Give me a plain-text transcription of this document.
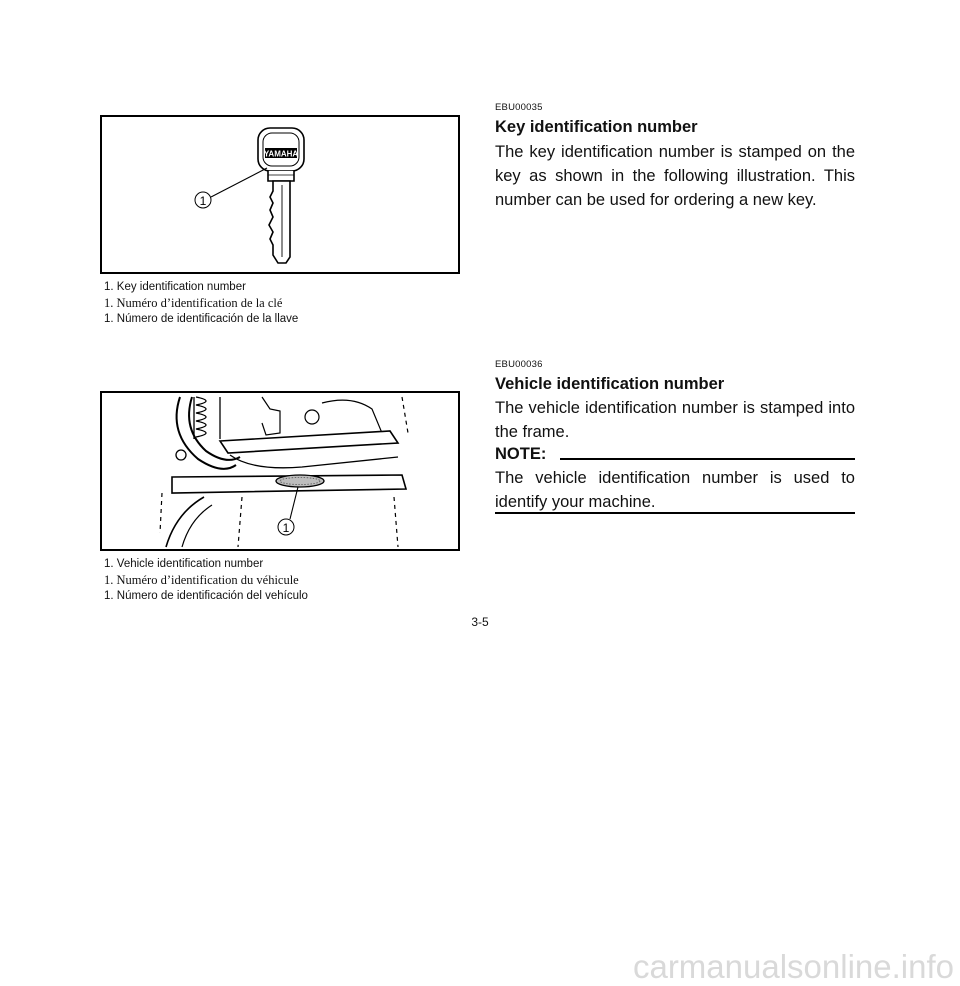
YAMAHA
1
1. Key identification number
1. Numéro d’identification de la clé
1. Número de identificación de la llave
1
1. Vehicle identification number
1. Numéro d’identification du véhicule
1. Número de identificación del vehículo
EBU00035
Key identification number
The key identification number is stamped on the key as shown in the following illustration. This number can be used for ordering a new key.
EBU00036
Vehicle identification number
The vehicle identification number is stamped into the frame.
NOTE:
The vehicle identification number is used to identify your machine.
3-5
carmanualsonline.info
